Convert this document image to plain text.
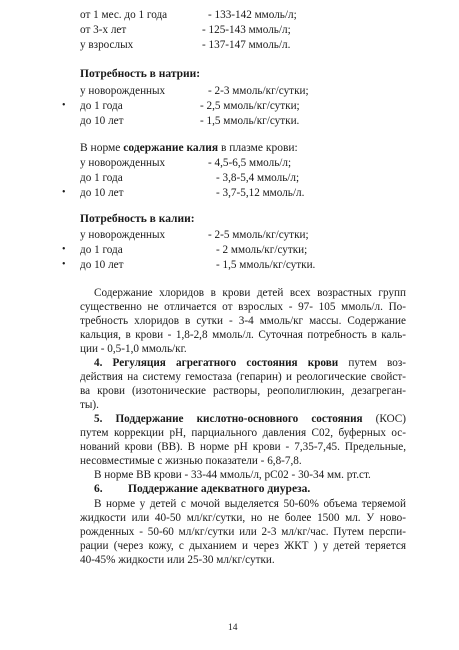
от 1 мес. до 1 года	- 133-142 ммоль/л;
от 3-х лет	- 125-143 ммоль/л;
у взрослых	- 137-147 ммоль/л.
Потребность в натрии:
у новорожденных	- 2-3 ммоль/кг/сутки;
• до 1 года	- 2,5 ммоль/кг/сутки;
до 10 лет	- 1,5 ммоль/кг/сутки.
В норме содержание калия в плазме крови:
у новорожденных	- 4,5-6,5 ммоль/л;
до 1 года	- 3,8-5,4 ммоль/л;
• до 10 лет	- 3,7-5,12 ммоль/л.
Потребность в калии:
у новорожденных	- 2-5 ммоль/кг/сутки;
• до 1 года	- 2 ммоль/кг/сутки;
• до 10 лет	- 1,5 ммоль/кг/сутки.
Содержание хлоридов в крови детей всех возрастных групп
существенно не отличается от взрослых - 97- 105 ммоль/л. По-
требность хлоридов в сутки - 3-4 ммоль/кг массы. Содержание
кальция, в крови - 1,8-2,8 ммоль/л. Суточная потребность в каль-
ции - 0,5-1,0 ммоль/кг.
4. Регуляция агрегатного состояния крови путем воз-
действия на систему гемостаза (гепарин) и реологические свойст-
ва крови (изотонические растворы, реополиглюкин, дезагреган-
ты).
5. Поддержание кислотно-основного состояния (КОС)
путем коррекции рН, парциального давления С02, буферных ос-
нований крови (ВВ). В норме рН крови - 7,35-7,45. Предельные,
несовместимые с жизнью показатели - 6,8-7,8.
В норме ВВ крови - 33-44 ммоль/л, рС02 - 30-34 мм. рт.ст.
6. Поддержание адекватного диуреза.
В норме у детей с мочой выделяется 50-60% объема теряемой
жидкости или 40-50 мл/кг/сутки, но не более 1500 мл. У ново-
рожденных - 50-60 мл/кг/сутки или 2-3 мл/кг/час. Путем перспи-
рации (через кожу, с дыханием и через ЖКТ ) у детей теряется
40-45% жидкости или 25-30 мл/кг/сутки.
14
